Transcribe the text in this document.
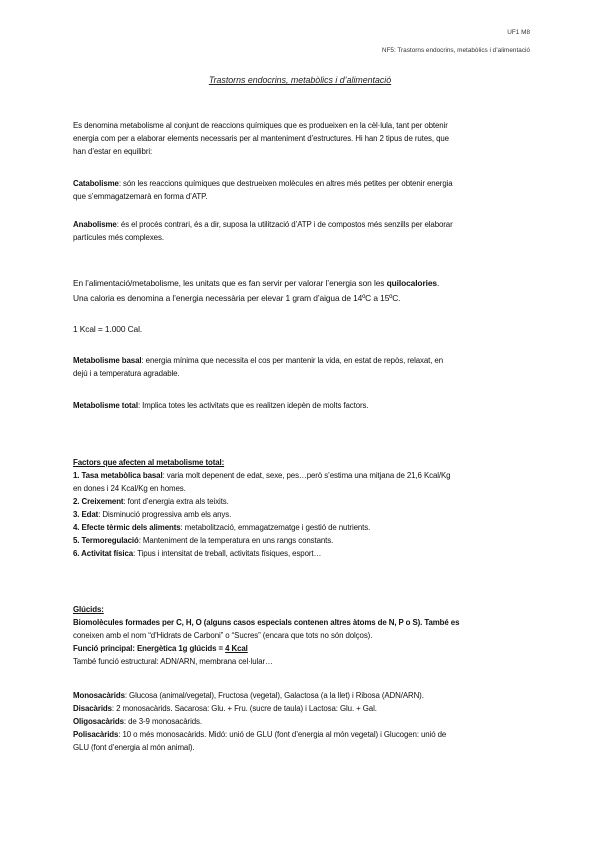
UF1 M8
NF5: Trastorns endocrins, metabòlics i d’alimentació
Trastorns endocrins, metabòlics i d’alimentació
Es denomina metabolisme al conjunt de reaccions químiques que es produeixen en la cèl·lula, tant per obtenir
energia com per a elaborar elements necessaris per al manteniment d’estructures. Hi han 2 tipus de rutes, que
han d’estar en equilibri:
Catabolisme: són les reaccions químiques que destrueixen molècules en altres més petites per obtenir energia
que s’emmagatzemarà en forma d’ATP.
Anabolisme: és el procés contrari, és a dir, suposa la utilització d’ATP i de compostos més senzills per elaborar
partícules més complexes.
En l’alimentació/metabolisme, les unitats que es fan servir per valorar l’energia son les quilocalories.
Una caloria es denomina a l’energia necessària per elevar 1 gram d’aigua de 14ºC a 15ºC.
1 Kcal = 1.000 Cal.
Metabolisme basal: energia mínima que necessita el cos per mantenir la vida, en estat de repòs, relaxat, en
dejú i a temperatura agradable.
Metabolisme total: Implica totes les activitats que es realitzen idepèn de molts factors.
Factors que afecten al metabolisme total:
1. Tasa metabòlica basal: varia molt depenent de edat, sexe, pes…però s’estima una mitjana de 21,6 Kcal/Kg
en dones i 24 Kcal/Kg en homes.
2. Creixement: font d’energia extra als teixits.
3. Edat: Disminució progressiva amb els anys.
4. Efecte tèrmic dels aliments: metabolització, emmagatzematge i gestió de nutrients.
5. Termoregulació: Manteniment de la temperatura en uns rangs constants.
6. Activitat física: Tipus i intensitat de treball, activitats físiques, esport…
Glúcids:
Biomolècules formades per C, H, O (alguns casos especials contenen altres àtoms de N, P o S). També es
coneixen amb el nom “d’Hidrats de Carboni” o “Sucres” (encara que tots no són dolços).
Funció principal: Energètica 1g glúcids = 4 Kcal
També funció estructural: ADN/ARN, membrana cel·lular…
Monosacàrids: Glucosa (animal/vegetal), Fructosa (vegetal), Galactosa (a la llet) i Ribosa (ADN/ARN).
Disacàrids: 2 monosacàrids. Sacarosa: Glu. + Fru. (sucre de taula) i Lactosa: Glu. + Gal.
Oligosacàrids: de 3-9 monosacàrids.
Polisacàrids: 10 o més monosacàrids. Midó: unió de GLU (font d’energia al món vegetal) i Glucogen: unió de
GLU (font d’energia al món animal).
